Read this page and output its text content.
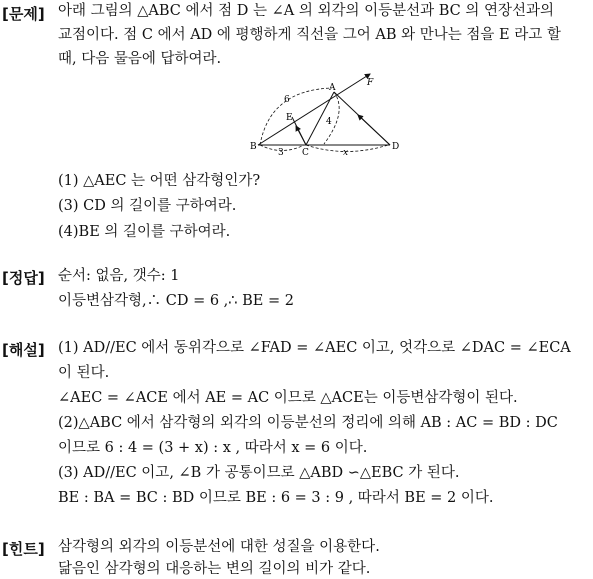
[문제] 아래 그림의 △ABC 에서 점 D 는 ∠A 의 외각의 이등분선과 BC 의 연장선과의
교점이다. 점 C 에서 AD 에 평행하게 직선을 그어 AB 와 만나는 점을 E 라고 할
때, 다음 물음에 답하여라.
A	F
E
B
C
D
6
4
3	x
(1) △AEC 는 어떤 삼각형인가?
(3) CD 의 길이를 구하여라.
(4)BE 의 길이를 구하여라.
[정답] 순서: 없음, 갯수: 1
이등변삼각형,∴ CD = 6 ,∴ BE = 2
[해설] (1) AD//EC 에서 동위각으로 ∠FAD = ∠AEC 이고, 엇각으로 ∠DAC = ∠ECA
이 된다.
∠AEC = ∠ACE 에서 AE = AC 이므로 △ACE는 이등변삼각형이 된다.
(2)△ABC 에서 삼각형의 외각의 이등분선의 정리에 의해 AB : AC = BD : DC
이므로 6 : 4 = (3 + x) : x , 따라서 x = 6 이다.
(3) AD//EC 이고, ∠B 가 공통이므로 △ABD ∽△EBC 가 된다.
BE : BA = BC : BD 이므로 BE : 6 = 3 : 9 , 따라서 BE = 2 이다.
[힌트] 삼각형의 외각의 이등분선에 대한 성질을 이용한다.
닮음인 삼각형의 대응하는 변의 길이의 비가 같다.
